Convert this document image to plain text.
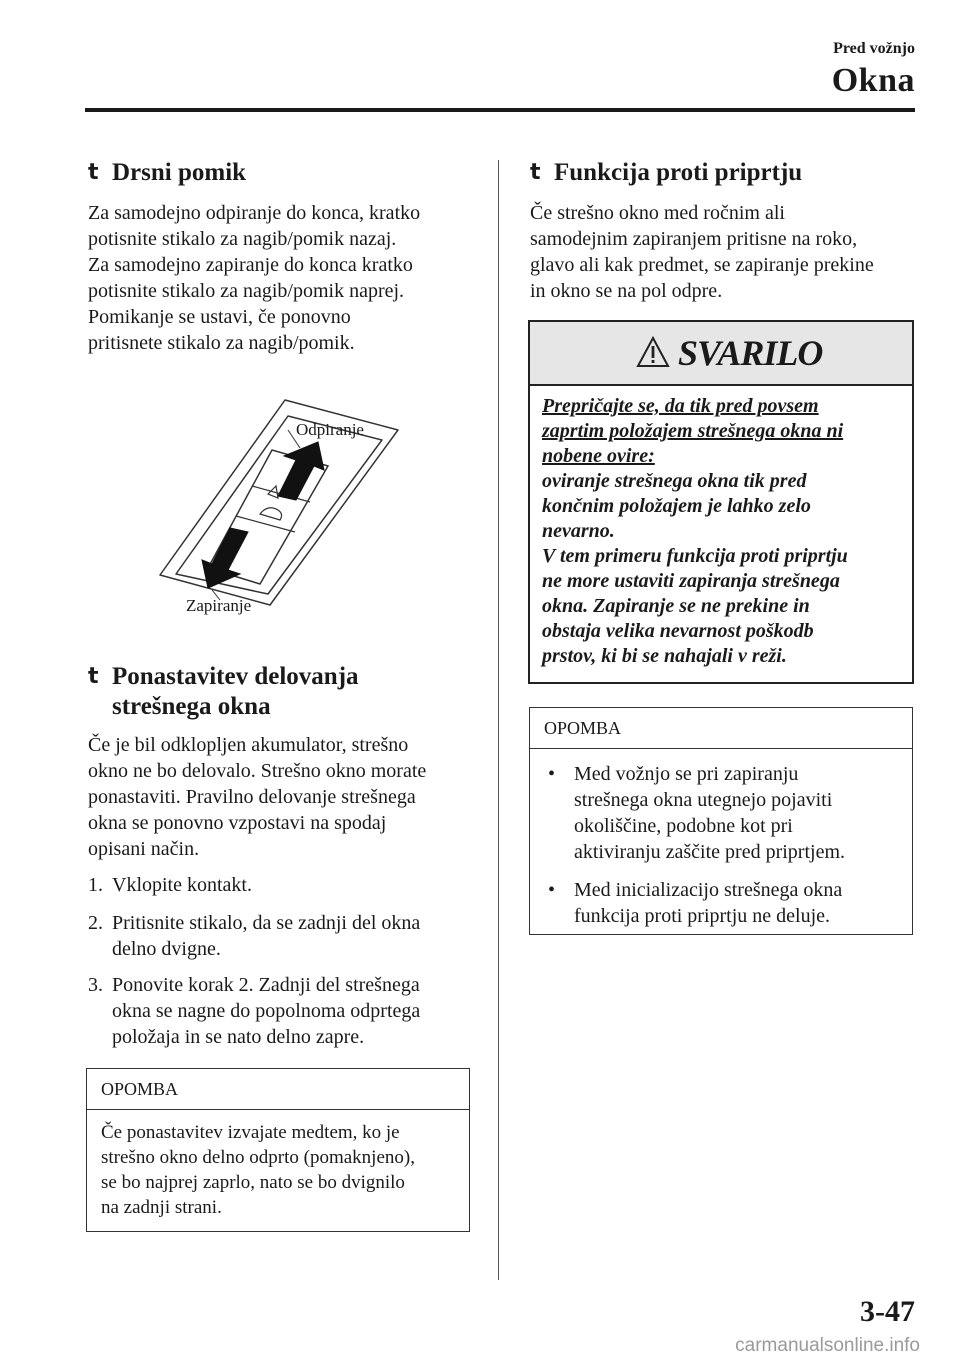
Pred vožnjo
Okna
t Drsni pomik
Za samodejno odpiranje do konca, kratko
potisnite stikalo za nagib/pomik nazaj.
Za samodejno zapiranje do konca kratko
potisnite stikalo za nagib/pomik naprej.
Pomikanje se ustavi, če ponovno
pritisnete stikalo za nagib/pomik.
Odpiranje
Zapiranje
t Ponastavitev delovanja
strešnega okna
Če je bil odklopljen akumulator, strešno
okno ne bo delovalo. Strešno okno morate
ponastaviti. Pravilno delovanje strešnega
okna se ponovno vzpostavi na spodaj
opisani način.
1. Vklopite kontakt.
2. Pritisnite stikalo, da se zadnji del okna
delno dvigne.
3. Ponovite korak 2. Zadnji del strešnega
okna se nagne do popolnoma odprtega
položaja in se nato delno zapre.
OPOMBA
Če ponastavitev izvajate medtem, ko je
strešno okno delno odprto (pomaknjeno),
se bo najprej zaprlo, nato se bo dvignilo
na zadnji strani.
t Funkcija proti priprtju
Če strešno okno med ročnim ali
samodejnim zapiranjem pritisne na roko,
glavo ali kak predmet, se zapiranje prekine
in okno se na pol odpre.
SVARILO
Prepričajte se, da tik pred povsem
zaprtim položajem strešnega okna ni
nobene ovire:
oviranje strešnega okna tik pred
končnim položajem je lahko zelo
nevarno.
V tem primeru funkcija proti priprtju
ne more ustaviti zapiranja strešnega
okna. Zapiranje se ne prekine in
obstaja velika nevarnost poškodb
prstov, ki bi se nahajali v reži.
OPOMBA
• Med vožnjo se pri zapiranju
strešnega okna utegnejo pojaviti
okoliščine, podobne kot pri
aktiviranju zaščite pred priprtjem.
• Med inicializacijo strešnega okna
funkcija proti priprtju ne deluje.
3-47
carmanualsonline.info
